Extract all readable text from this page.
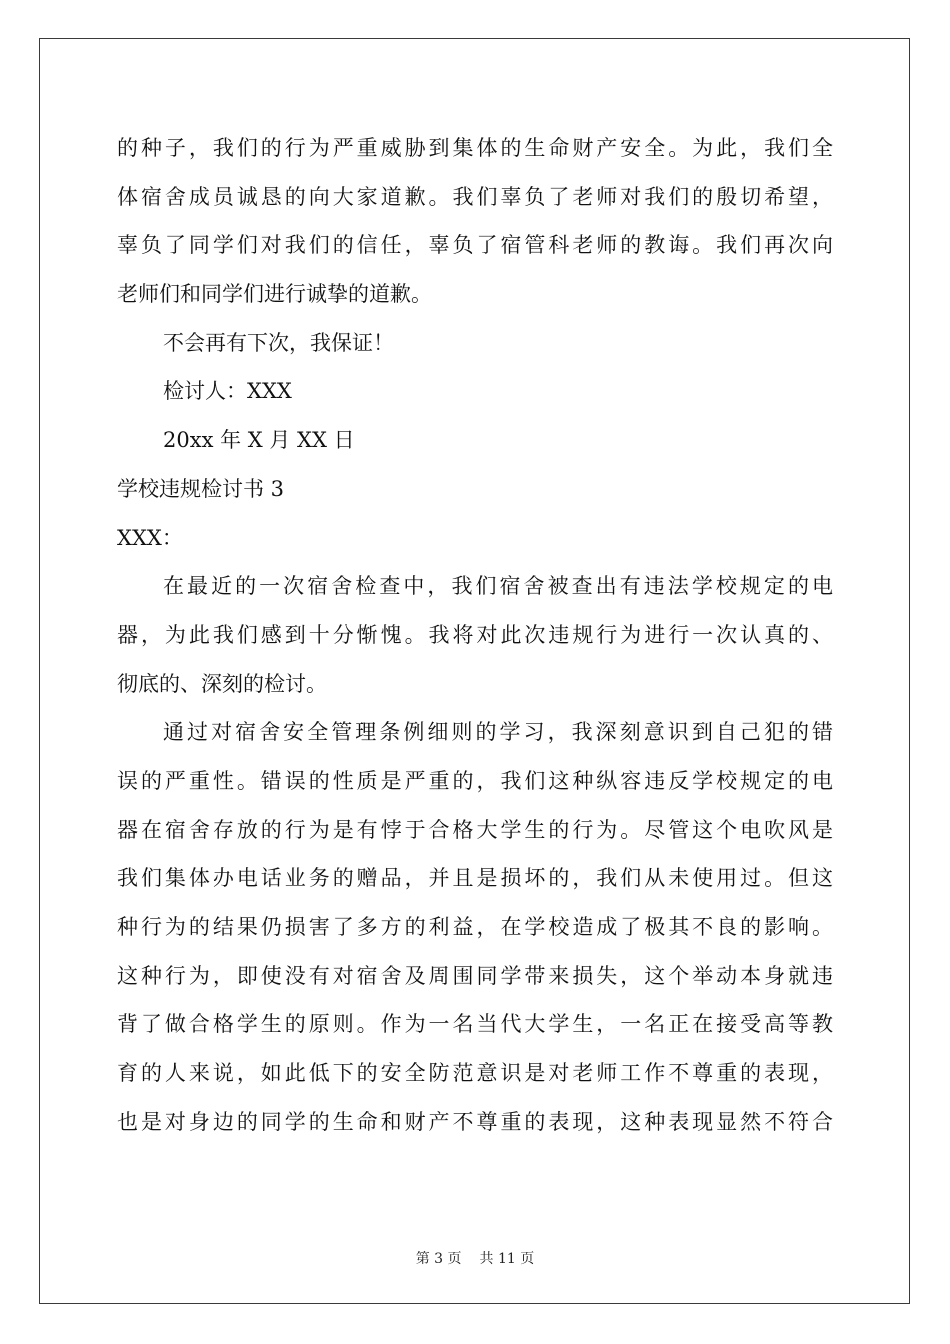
的种子，我们的行为严重威胁到集体的生命财产安全。为此，我们全
体宿舍成员诚恳的向大家道歉。我们辜负了老师对我们的殷切希望，
辜负了同学们对我们的信任，辜负了宿管科老师的教诲。我们再次向
老师们和同学们进行诚挚的道歉。
不会再有下次，我保证！
检讨人：XXX
20xx 年 X 月 XX 日
学校违规检讨书 3
XXX：
在最近的一次宿舍检查中，我们宿舍被查出有违法学校规定的电
器，为此我们感到十分惭愧。我将对此次违规行为进行一次认真的、
彻底的、深刻的检讨。
通过对宿舍安全管理条例细则的学习，我深刻意识到自己犯的错
误的严重性。错误的性质是严重的，我们这种纵容违反学校规定的电
器在宿舍存放的行为是有悖于合格大学生的行为。尽管这个电吹风是
我们集体办电话业务的赠品，并且是损坏的，我们从未使用过。但这
种行为的结果仍损害了多方的利益，在学校造成了极其不良的影响。
这种行为，即使没有对宿舍及周围同学带来损失，这个举动本身就违
背了做合格学生的原则。作为一名当代大学生，一名正在接受高等教
育的人来说，如此低下的安全防范意识是对老师工作不尊重的表现，
也是对身边的同学的生命和财产不尊重的表现，这种表现显然不符合
第 3 页 共 11 页
